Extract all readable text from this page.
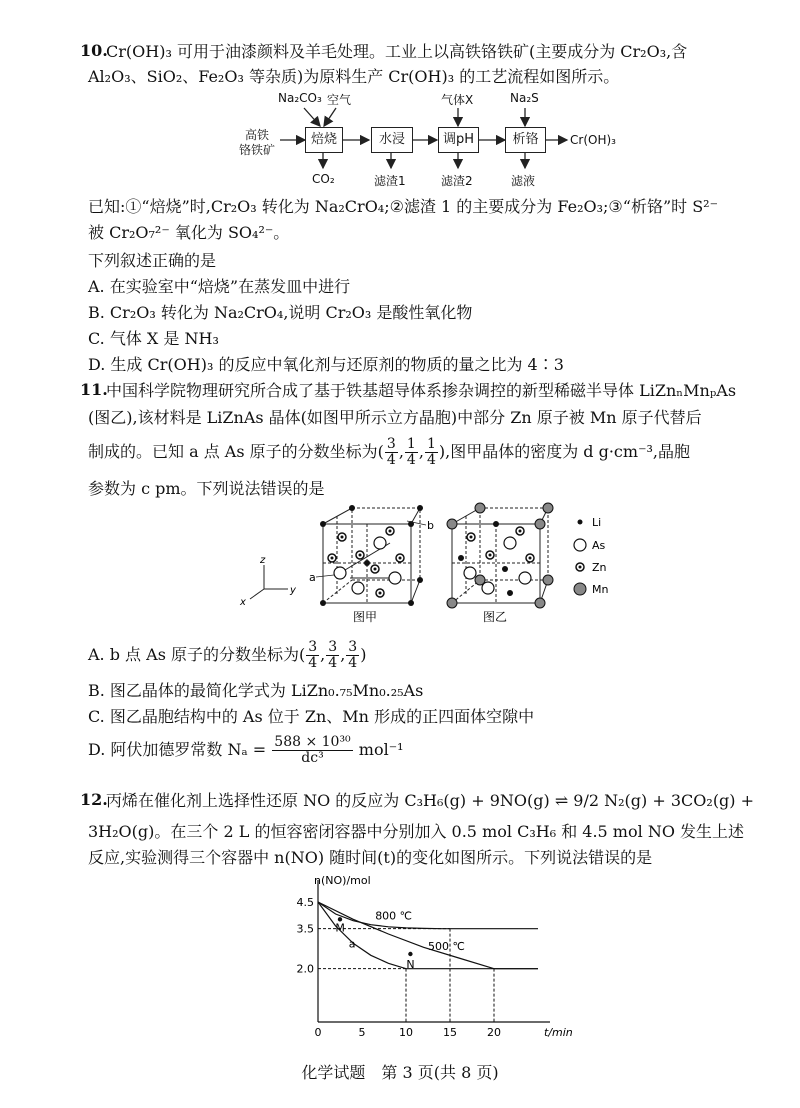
10.
Cr(OH)₃ 可用于油漆颜料及羊毛处理。工业上以高铁铬铁矿(主要成分为 Cr₂O₃,含
Al₂O₃、SiO₂、Fe₂O₃ 等杂质)为原料生产 Cr(OH)₃ 的工艺流程如图所示。
Na₂CO₃ 空气	气体X	Na₂S
高铁
铬铁矿
焙烧	水浸	调pH	析铬	Cr(OH)₃
CO₂	滤渣1	滤渣2	滤液
已知:①“焙烧”时,Cr₂O₃ 转化为 Na₂CrO₄;②滤渣 1 的主要成分为 Fe₂O₃;③“析铬”时 S²⁻
被 Cr₂O₇²⁻ 氧化为 SO₄²⁻。
下列叙述正确的是
A. 在实验室中“焙烧”在蒸发皿中进行
B. Cr₂O₃ 转化为 Na₂CrO₄,说明 Cr₂O₃ 是酸性氧化物
C. 气体 X 是 NH₃
D. 生成 Cr(OH)₃ 的反应中氧化剂与还原剂的物质的量之比为 4∶3
11.
中国科学院物理研究所合成了基于铁基超导体系掺杂调控的新型稀磁半导体 LiZnₙMnₚAs
(图乙),该材料是 LiZnAs 晶体(如图甲所示立方晶胞)中部分 Zn 原子被 Mn 原子代替后
制成的。已知 a 点 As 原子的分数坐标为( $\frac{3}{4}$ , $\frac{1}{4}$ , $\frac{1}{4}$ ),图甲晶体的密度为 d g·cm⁻³,晶胞
参数为 c pm。下列说法错误的是
z
y
x
b
a
图甲	图乙
Li
As
Zn
Mn
A. b 点 As 原子的分数坐标为( $\frac{3}{4}$ , $\frac{3}{4}$ , $\frac{3}{4}$ )
B. 图乙晶体的最简化学式为 LiZn₀.₇₅Mn₀.₂₅As
C. 图乙晶胞结构中的 As 位于 Zn、Mn 形成的正四面体空隙中
D. 阿伏加德罗常数 $N_a = \frac{\text{588 × 10³⁰}}{\text{dc³}} mol^{-1}$
12.
丙烯在催化剂上选择性还原 NO 的反应为 C₃H₆(g) + 9NO(g) ⇌ 9/2 N₂(g) + 3CO₂(g) +
3H₂O(g)。在三个 2 L 的恒容密闭容器中分别加入 0.5 mol C₃H₆ 和 4.5 mol NO 发生上述
反应,实验测得三个容器中 n(NO) 随时间(t)的变化如图所示。下列说法错误的是
n(NO)/mol
t/min
0	5	10	15	20
2.0
3.5
4.5
800 ℃
500 ℃
M
N
a
化学试题　第 3 页(共 8 页)
